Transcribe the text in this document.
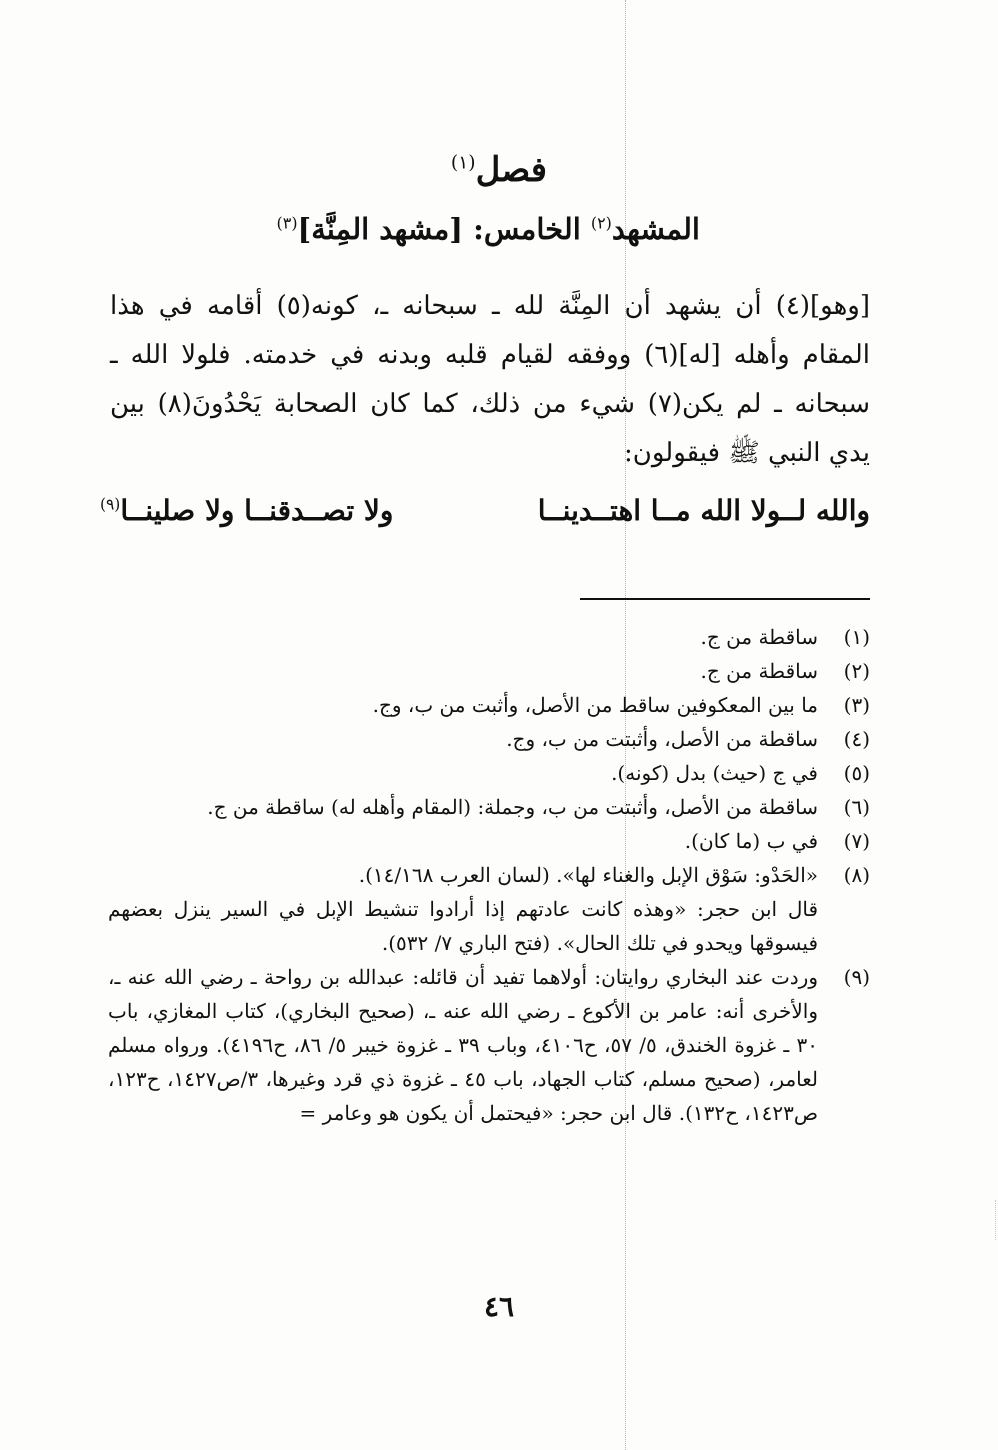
فصل$^{(١)}$
المشهد$^{(٢)}$ الخامس: [مشهد المِنَّة]$^{(٣)}$

[وهو](٤) أن يشهد أن المِنَّة لله ـ سبحانه ـ، كونه(٥) أقامه في هذا المقام وأهله [له](٦) ووفقه لقيام قلبه وبدنه في خدمته. فلولا الله ـ سبحانه ـ لم يكن(٧) شيء من ذلك، كما كان الصحابة يَحْدُونَ(٨) بين يدي النبي ﷺ فيقولون:

والله لــولا الله مــا اهتــدينــا
ولا تصــدقنــا ولا صلينــا$^{(٩)}$
(١)
ساقطة من ج.
(٢)
ساقطة من ج.
(٣)
ما بين المعكوفين ساقط من الأصل، وأثبت من ب، وج.
(٤)
ساقطة من الأصل، وأثبتت من ب، وج.
(٥)
في ج (حيث) بدل (كونه).
(٦)
ساقطة من الأصل، وأثبتت من ب، وجملة: (المقام وأهله له) ساقطة من ج.
(٧)
في ب (ما كان).
(٨)
«الحَدْو: سَوْق الإبل والغناء لها». (لسان العرب ١٤/١٦٨).
قال ابن حجر: «وهذه كانت عادتهم إذا أرادوا تنشيط الإبل في السير ينزل بعضهم فيسوقها ويحدو في تلك الحال». (فتح الباري ٧/ ٥٣٢).
(٩)
وردت عند البخاري روايتان: أولاهما تفيد أن قائله: عبدالله بن رواحة ـ رضي الله عنه ـ، والأخرى أنه: عامر بن الأكوع ـ رضي الله عنه ـ، (صحيح البخاري)، كتاب المغازي، باب ٣٠ ـ غزوة الخندق، ٥/ ٥٧، ح٤١٠٦، وباب ٣٩ ـ غزوة خيبر ٥/ ٨٦، ح٤١٩٦). ورواه مسلم لعامر، (صحيح مسلم، كتاب الجهاد، باب ٤٥ ـ غزوة ذي قرد وغيرها، ٣/ص١٤٢٧، ح١٢٣، ص١٤٢٣، ح١٣٢). قال ابن حجر: «فيحتمل أن يكون هو وعامر =
٤٦
